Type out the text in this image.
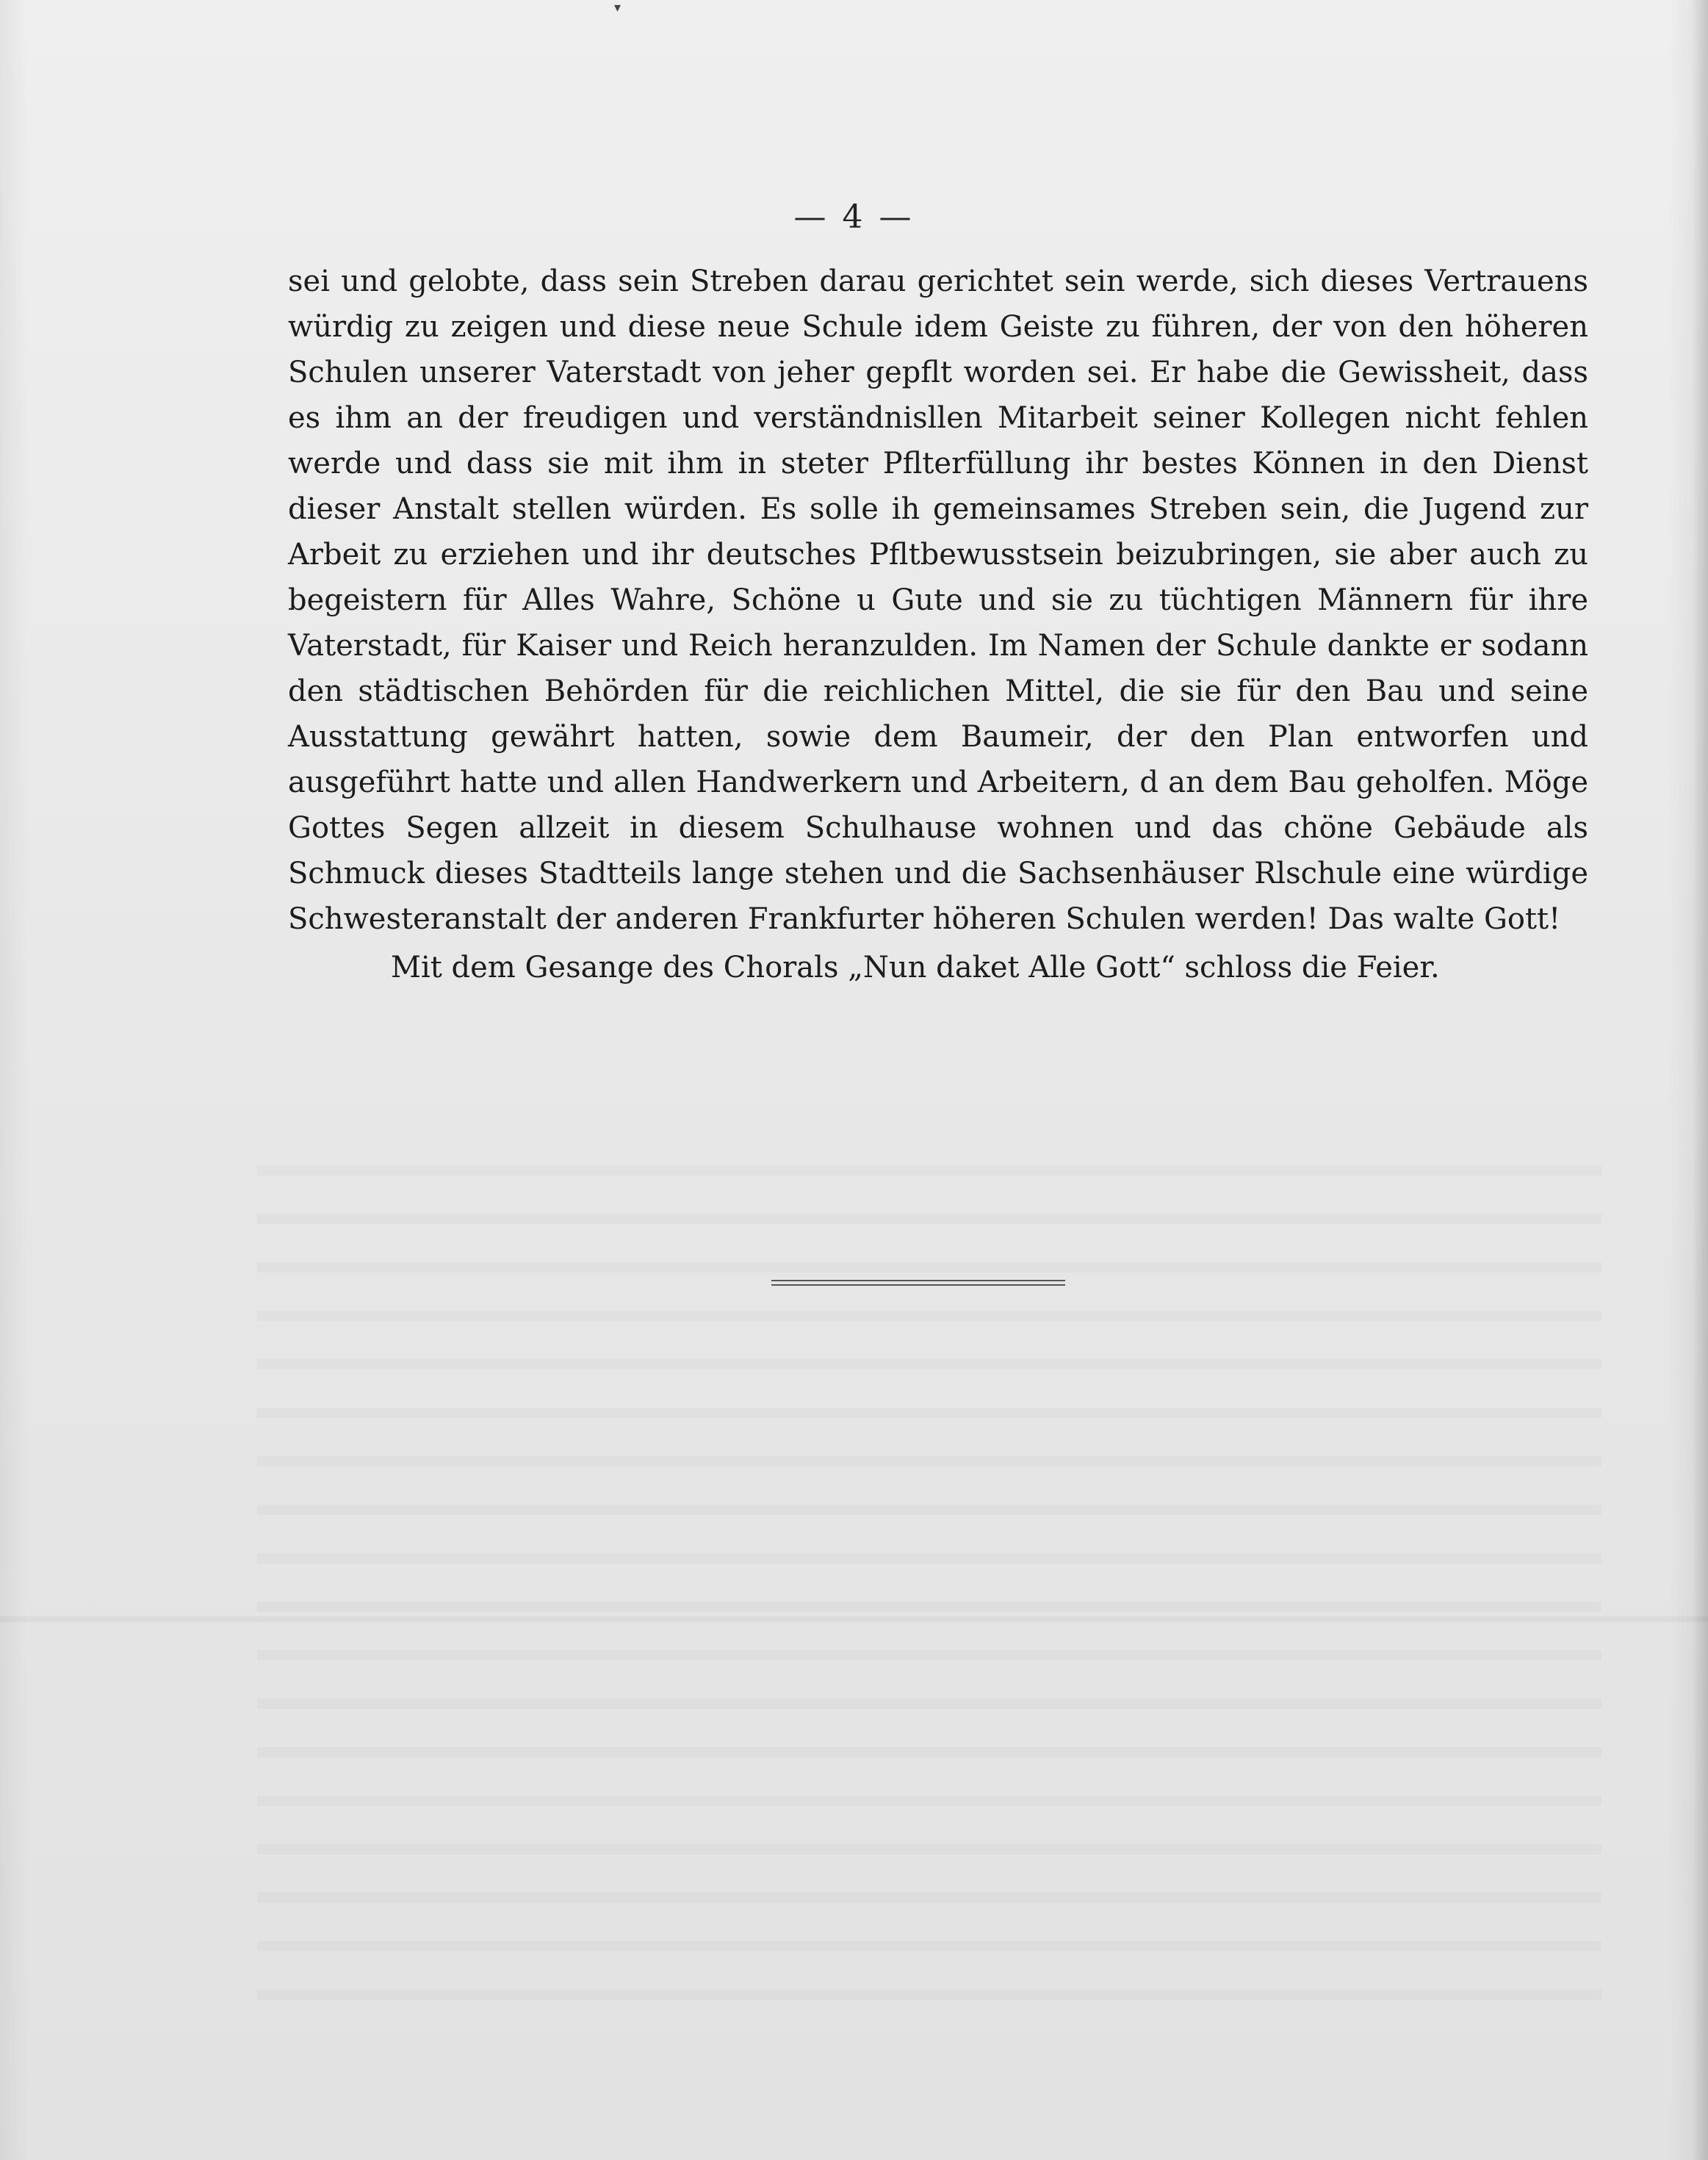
▾
— 4 —

sei und gelobte, dass sein Streben darau gerichtet sein werde, sich dieses Vertrauens würdig zu zeigen und diese neue Schule idem Geiste zu führen, der von den höheren Schulen unserer Vaterstadt von jeher gepflt worden sei. Er habe die Gewissheit, dass es ihm an der freudigen und verständnisllen Mitarbeit seiner Kollegen nicht fehlen werde und dass sie mit ihm in steter Pflterfüllung ihr bestes Können in den Dienst dieser Anstalt stellen würden. Es solle ih gemeinsames Streben sein, die Jugend zur Arbeit zu erziehen und ihr deutsches Pfltbewusstsein beizubringen, sie aber auch zu begeistern für Alles Wahre, Schöne u Gute und sie zu tüchtigen Männern für ihre Vaterstadt, für Kaiser und Reich heranzulden. Im Namen der Schule dankte er sodann den städtischen Behörden für die reichlichen Mittel, die sie für den Bau und seine Ausstattung gewährt hatten, sowie dem Baumeir, der den Plan entworfen und ausgeführt hatte und allen Handwerkern und Arbeitern, d an dem Bau geholfen. Möge Gottes Segen allzeit in diesem Schulhause wohnen und das chöne Gebäude als Schmuck dieses Stadtteils lange stehen und die Sachsenhäuser Rlschule eine würdige Schwesteranstalt der anderen Frankfurter höheren Schulen werden! Das walte Gott!

Mit dem Gesange des Chorals „Nun daket Alle Gott“ schloss die Feier.
